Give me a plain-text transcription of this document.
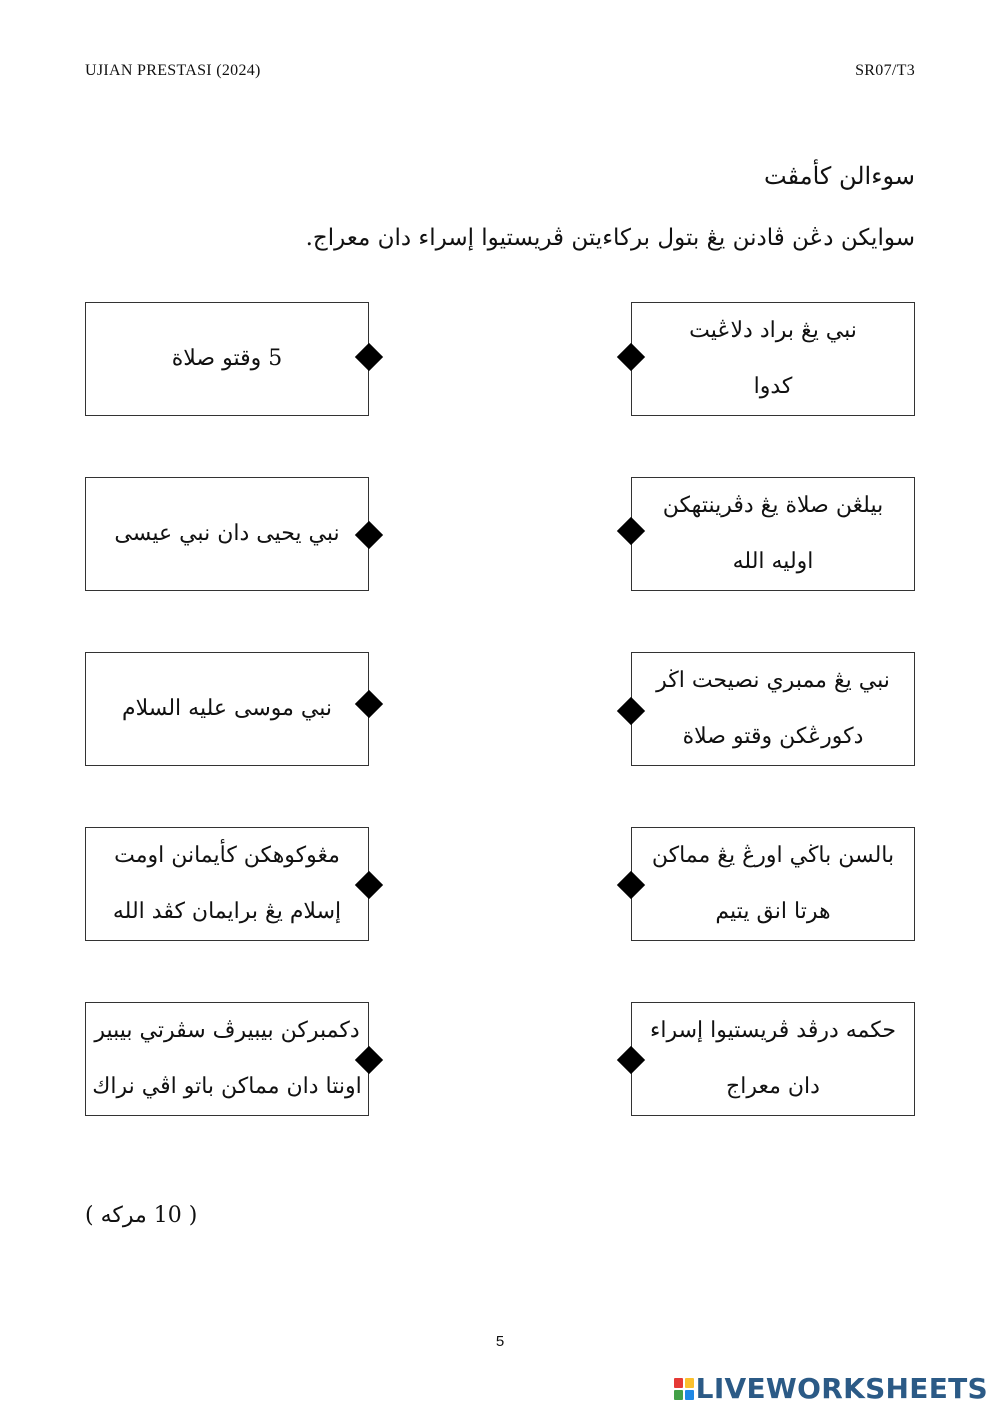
UJIAN PRESTASI (2024)	SR07/T3
سوءالن كأمڤت
سوايكن دڠن ڤادنن يڠ بتول بركاءيتن ڤريستيوا إسراء دان معراج.
5 وقتو صلاة
نبي يحيى دان نبي عيسى
نبي موسى عليه السلام
مڠوكوهكن كأيمانن اومت
إسلام يڠ برايمان كڤد الله
دكمبركن بيبيرڤ سڤرتي بيبير
اونتا دان مماكن باتو اڤي نراك
نبي يڠ براد دلاڠيت
كدوا
بيلڠن صلاة يڠ دڤرينتهكن
اوليه الله
نبي يڠ ممبري نصيحت اڬر
دكورڠكن وقتو صلاة
بالسن باڬي اورڠ يڠ مماكن
هرتا انق يتيم
حكمه درڤد ڤريستيوا إسراء
دان معراج
( 10 مركه )
5
LIVEWORKSHEETS
